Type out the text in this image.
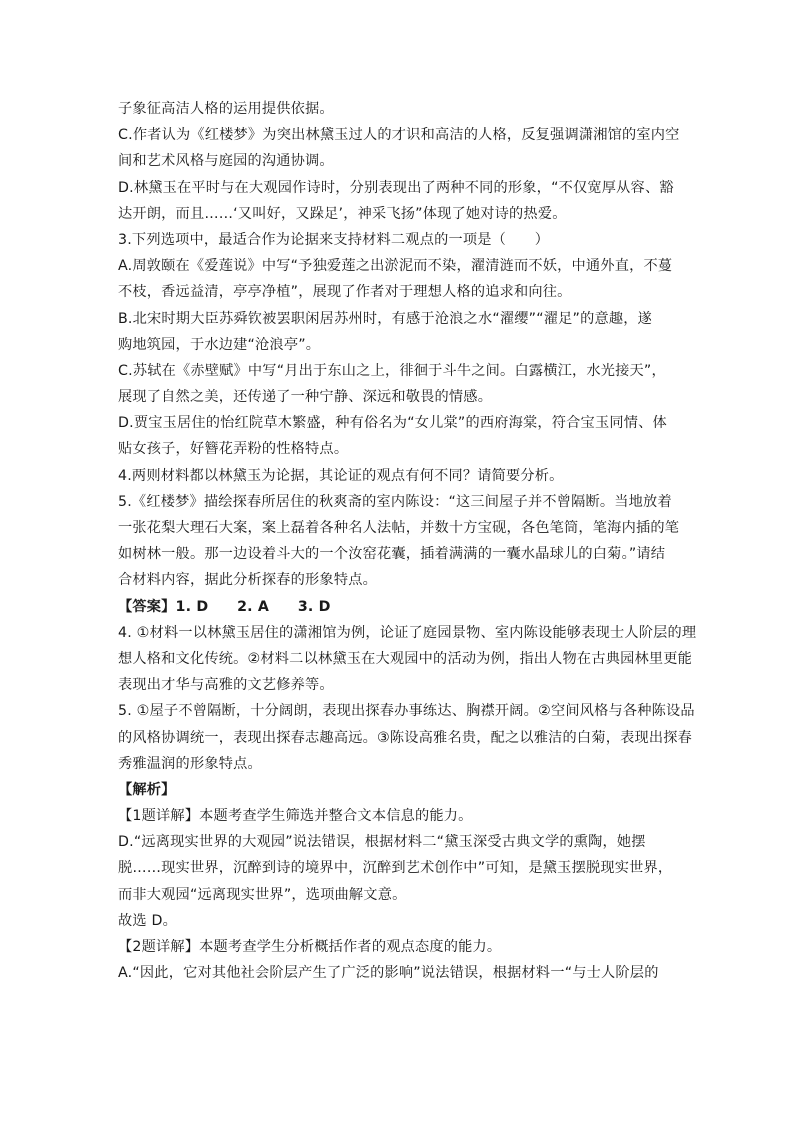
子象征高洁人格的运用提供依据。
C.作者认为《红楼梦》为突出林黛玉过人的才识和高洁的人格，反复强调潇湘馆的室内空
间和艺术风格与庭园的沟通协调。
D.林黛玉在平时与在大观园作诗时，分别表现出了两种不同的形象，“不仅宽厚从容、豁
达开朗，而且……‘又叫好，又跺足’，神采飞扬”体现了她对诗的热爱。
3.下列选项中，最适合作为论据来支持材料二观点的一项是（　　）
A.周敦颐在《爱莲说》中写“予独爱莲之出淤泥而不染，濯清涟而不妖，中通外直，不蔓
不枝，香远益清，亭亭净植”，展现了作者对于理想人格的追求和向往。
B.北宋时期大臣苏舜钦被罢职闲居苏州时，有感于沧浪之水“濯缨”“濯足”的意趣，遂
购地筑园，于水边建“沧浪亭”。
C.苏轼在《赤壁赋》中写“月出于东山之上，徘徊于斗牛之间。白露横江，水光接天”，
展现了自然之美，还传递了一种宁静、深远和敬畏的情感。
D.贾宝玉居住的怡红院草木繁盛，种有俗名为“女儿棠”的西府海棠，符合宝玉同情、体
贴女孩子，好簪花弄粉的性格特点。
4.两则材料都以林黛玉为论据，其论证的观点有何不同？请简要分析。
5.《红楼梦》描绘探春所居住的秋爽斋的室内陈设：“这三间屋子并不曾隔断。当地放着
一张花梨大理石大案，案上磊着各种名人法帖，并数十方宝砚，各色笔筒，笔海内插的笔
如树林一般。那一边设着斗大的一个汝窑花囊，插着满满的一囊水晶球儿的白菊。”请结
合材料内容，据此分析探春的形象特点。
【答案】1. D　　2. A　　3. D
4. ①材料一以林黛玉居住的潇湘馆为例，论证了庭园景物、室内陈设能够表现士人阶层的理
想人格和文化传统。②材料二以林黛玉在大观园中的活动为例，指出人物在古典园林里更能
表现出才华与高雅的文艺修养等。
5. ①屋子不曾隔断，十分阔朗，表现出探春办事练达、胸襟开阔。②空间风格与各种陈设品
的风格协调统一，表现出探春志趣高远。③陈设高雅名贵，配之以雅洁的白菊，表现出探春
秀雅温润的形象特点。
【解析】
【1题详解】本题考查学生筛选并整合文本信息的能力。
D.“远离现实世界的大观园”说法错误，根据材料二“黛玉深受古典文学的熏陶，她摆
脱……现实世界，沉醉到诗的境界中，沉醉到艺术创作中”可知，是黛玉摆脱现实世界，
而非大观园“远离现实世界”，选项曲解文意。
故选 D。
【2题详解】本题考查学生分析概括作者的观点态度的能力。
A.“因此，它对其他社会阶层产生了广泛的影响”说法错误，根据材料一“与士人阶层的
